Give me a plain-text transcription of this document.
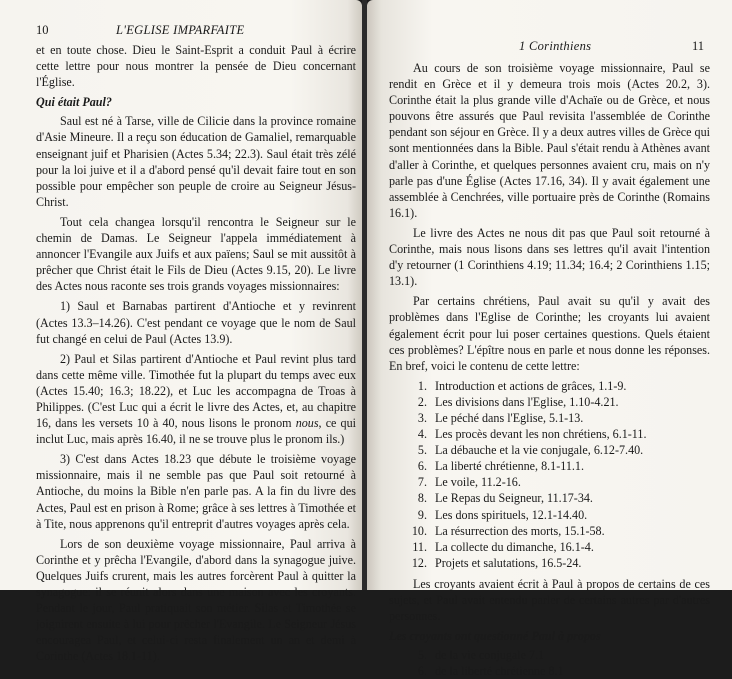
10	L'EGLISE IMPARFAITE

et en toute chose. Dieu le Saint-Esprit a conduit Paul à écrire cette lettre pour nous montrer la pensée de Dieu concernant l'Église.

Qui était Paul?

Saul est né à Tarse, ville de Cilicie dans la province romaine d'Asie Mineure. Il a reçu son éducation de Gamaliel, remarquable enseignant juif et Pharisien (Actes 5.34; 22.3). Saul était très zélé pour la loi juive et il a d'abord pensé qu'il devait faire tout en son possible pour empêcher son peuple de croire au Seigneur Jésus-Christ.

Tout cela changea lorsqu'il rencontra le Seigneur sur le chemin de Damas. Le Seigneur l'appela immédiatement à annoncer l'Evangile aux Juifs et aux païens; Saul se mit aussitôt à prêcher que Christ était le Fils de Dieu (Actes 9.15, 20). Le livre des Actes nous raconte ses trois grands voyages missionnaires:

1) Saul et Barnabas partirent d'Antioche et y revinrent (Actes 13.3–14.26). C'est pendant ce voyage que le nom de Saul fut changé en celui de Paul (Actes 13.9).

2) Paul et Silas partirent d'Antioche et Paul revint plus tard dans cette même ville. Timothée fut la plupart du temps avec eux (Actes 15.40; 16.3; 18.22), et Luc les accompagna de Troas à Philippes. (C'est Luc qui a écrit le livre des Actes, et, au chapitre 16, dans les versets 10 à 40, nous lisons le pronom nous, ce qui inclut Luc, mais après 16.40, il ne se trouve plus le pronom ils.)

3) C'est dans Actes 18.23 que débute le troisième voyage missionnaire, mais il ne semble pas que Paul soit retourné à Antioche, du moins la Bible n'en parle pas. A la fin du livre des Actes, Paul est en prison à Rome; grâce à ses lettres à Timothée et à Tite, nous apprenons qu'il entreprit d'autres voyages après cela.

Lors de son deuxième voyage missionnaire, Paul arriva à Corinthe et y prêcha l'Evangile, d'abord dans la synagogue juive. Quelques Juifs crurent, mais les autres forcèrent Paul à quitter la synagogue: il se réunit alors dans une maison avec les croyants. Pendant le jour, Paul pratiquait son métier. Silas et Timothée se joignirent ensuite à lui pour prêcher l'Evangile. Le Seigneur Jésus encouragea Paul, et celui-ci resta finalement un an et demi à Corinthe (Actes 18.1-11).

1 Corinthiens	11

Au cours de son troisième voyage missionnaire, Paul se rendit en Grèce et il y demeura trois mois (Actes 20.2, 3). Corinthe était la plus grande ville d'Achaïe ou de Grèce, et nous pouvons être assurés que Paul revisita l'assemblée de Corinthe pendant son séjour en Grèce. Il y a deux autres villes de Grèce qui sont mentionnées dans la Bible. Paul s'était rendu à Athènes avant d'aller à Corinthe, et quelques personnes avaient cru, mais on n'y parle pas d'une Église (Actes 17.16, 34). Il y avait également une assemblée à Cenchrées, ville portuaire près de Corinthe (Romains 16.1).

Le livre des Actes ne nous dit pas que Paul soit retourné à Corinthe, mais nous lisons dans ses lettres qu'il avait l'intention d'y retourner (1 Corinthiens 4.19; 11.34; 16.4; 2 Corinthiens 1.15; 13.1).

Par certains chrétiens, Paul avait su qu'il y avait des problèmes dans l'Eglise de Corinthe; les croyants lui avaient également écrit pour lui poser certaines questions. Quels étaient ces problèmes? L'épître nous en parle et nous donne les réponses. En bref, voici le contenu de cette lettre:

1. Introduction et actions de grâces, 1.1-9.
2. Les divisions dans l'Eglise, 1.10-4.21.
3. Le péché dans l'Eglise, 5.1-13.
4. Les procès devant les non chrétiens, 6.1-11.
5. La débauche et la vie conjugale, 6.12-7.40.
6. La liberté chrétienne, 8.1-11.1.
7. Le voile, 11.2-16.
8. Le Repas du Seigneur, 11.17-34.
9. Les dons spirituels, 12.1-14.40.
10. La résurrection des morts, 15.1-58.
11. La collecte du dimanche, 16.1-4.
12. Projets et salutations, 16.5-24.

Les croyants avaient écrit à Paul à propos de certains de ces sujets, et Paul avait entendu parler de certains autres par d'autres personnes.

Les croyants ont questionné Paul à propos
5. de la vie conjugale 7.1
6. de la liberté chrétienne 8.1
